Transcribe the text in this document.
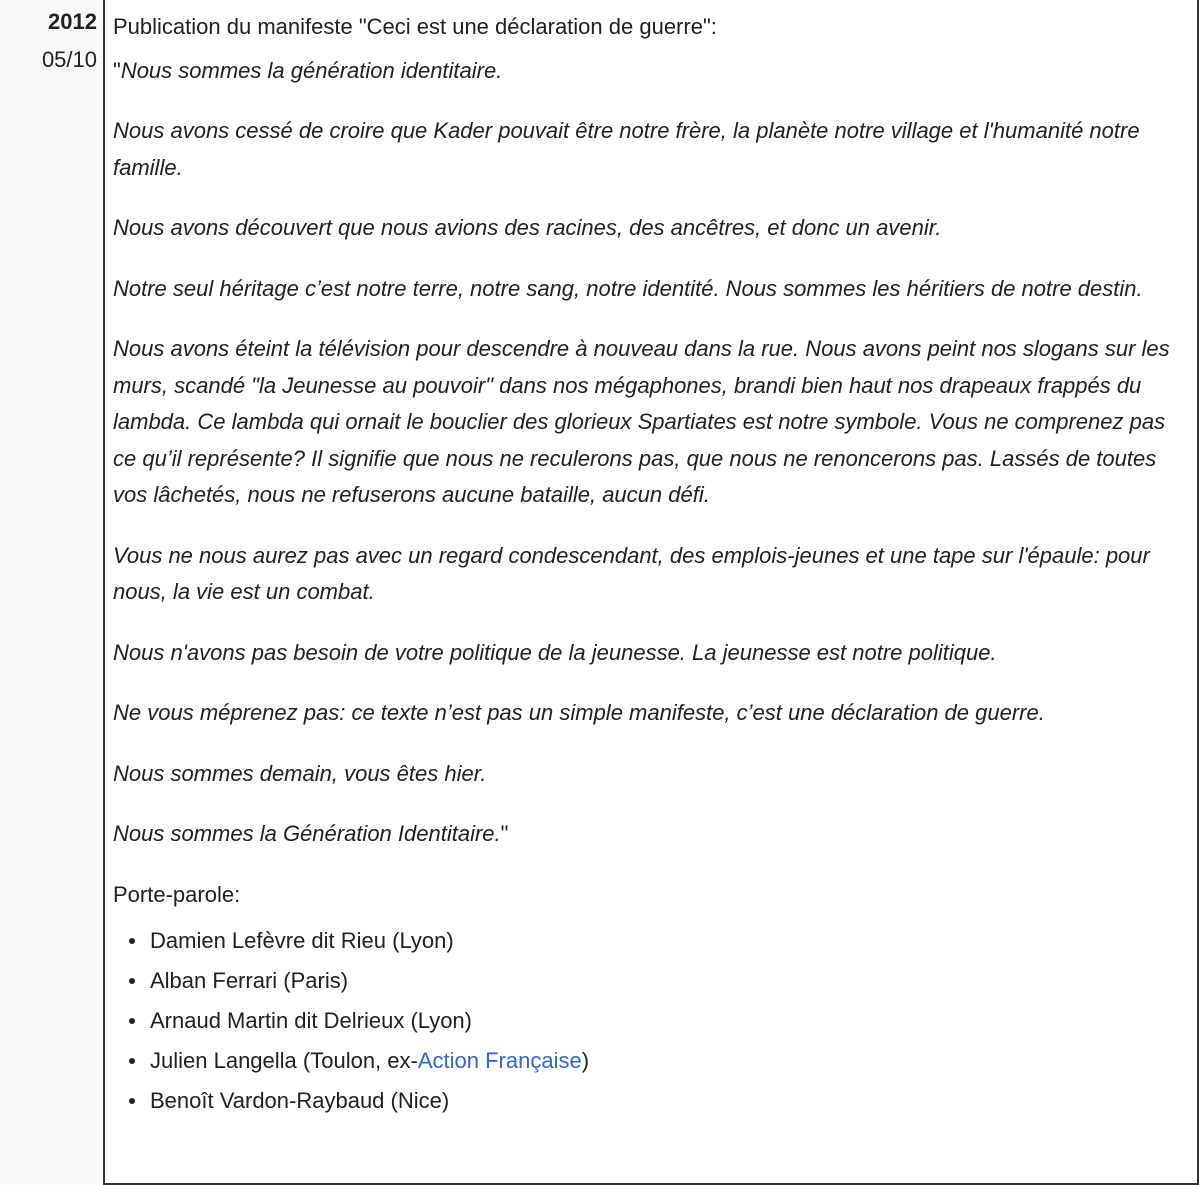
2012
05/10

Publication du manifeste "Ceci est une déclaration de guerre":

"Nous sommes la génération identitaire.

Nous avons cessé de croire que Kader pouvait être notre frère, la planète notre village et l'humanité notre famille.

Nous avons découvert que nous avions des racines, des ancêtres, et donc un avenir.

Notre seul héritage c’est notre terre, notre sang, notre identité. Nous sommes les héritiers de notre destin.

Nous avons éteint la télévision pour descendre à nouveau dans la rue. Nous avons peint nos slogans sur les murs, scandé "la Jeunesse au pouvoir" dans nos mégaphones, brandi bien haut nos drapeaux frappés du lambda. Ce lambda qui ornait le bouclier des glorieux Spartiates est notre symbole. Vous ne comprenez pas ce qu’il représente? Il signifie que nous ne reculerons pas, que nous ne renoncerons pas. Lassés de toutes vos lâchetés, nous ne refuserons aucune bataille, aucun défi.

Vous ne nous aurez pas avec un regard condescendant, des emplois-jeunes et une tape sur l'épaule: pour nous, la vie est un combat.

Nous n'avons pas besoin de votre politique de la jeunesse. La jeunesse est notre politique.

Ne vous méprenez pas: ce texte n’est pas un simple manifeste, c’est une déclaration de guerre.

Nous sommes demain, vous êtes hier.

Nous sommes la Génération Identitaire."

Porte-parole:

Damien Lefèvre dit Rieu (Lyon)
Alban Ferrari (Paris)
Arnaud Martin dit Delrieux (Lyon)
Julien Langella (Toulon, ex-Action Française)
Benoît Vardon-Raybaud (Nice)
